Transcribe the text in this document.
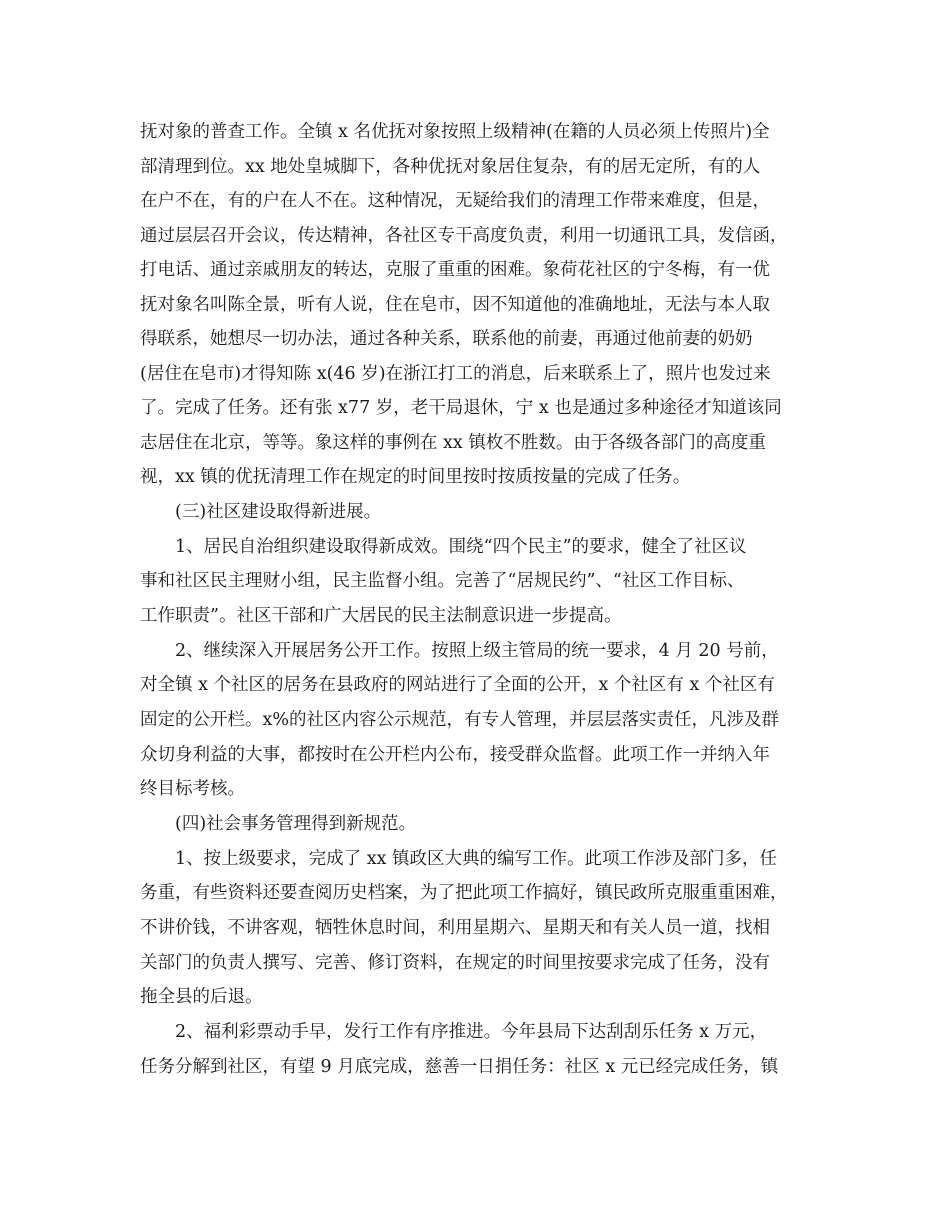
抚对象的普查工作。全镇 x 名优抚对象按照上级精神(在籍的人员必须上传照片)全
部清理到位。xx 地处皇城脚下，各种优抚对象居住复杂，有的居无定所，有的人
在户不在，有的户在人不在。这种情况，无疑给我们的清理工作带来难度，但是，
通过层层召开会议，传达精神，各社区专干高度负责，利用一切通讯工具，发信函，
打电话、通过亲戚朋友的转达，克服了重重的困难。象荷花社区的宁冬梅，有一优
抚对象名叫陈全景，听有人说，住在皂市，因不知道他的准确地址，无法与本人取
得联系，她想尽一切办法，通过各种关系，联系他的前妻，再通过他前妻的奶奶
(居住在皂市)才得知陈 x(46 岁)在浙江打工的消息，后来联系上了，照片也发过来
了。完成了任务。还有张 x77 岁，老干局退休，宁 x 也是通过多种途径才知道该同
志居住在北京，等等。象这样的事例在 xx 镇枚不胜数。由于各级各部门的高度重
视，xx 镇的优抚清理工作在规定的时间里按时按质按量的完成了任务。
(三)社区建设取得新进展。
1、居民自治组织建设取得新成效。围绕“四个民主”的要求，健全了社区议
事和社区民主理财小组，民主监督小组。完善了“居规民约”、“社区工作目标、
工作职责”。社区干部和广大居民的民主法制意识进一步提高。
2、继续深入开展居务公开工作。按照上级主管局的统一要求，4 月 20 号前，
对全镇 x 个社区的居务在县政府的网站进行了全面的公开，x 个社区有 x 个社区有
固定的公开栏。x%的社区内容公示规范，有专人管理，并层层落实责任，凡涉及群
众切身利益的大事，都按时在公开栏内公布，接受群众监督。此项工作一并纳入年
终目标考核。
(四)社会事务管理得到新规范。
1、按上级要求，完成了 xx 镇政区大典的编写工作。此项工作涉及部门多，任
务重，有些资料还要查阅历史档案，为了把此项工作搞好，镇民政所克服重重困难，
不讲价钱，不讲客观，牺牲休息时间，利用星期六、星期天和有关人员一道，找相
关部门的负责人撰写、完善、修订资料，在规定的时间里按要求完成了任务，没有
拖全县的后退。
2、福利彩票动手早，发行工作有序推进。今年县局下达刮刮乐任务 x 万元，
任务分解到社区，有望 9 月底完成，慈善一日捐任务：社区 x 元已经完成任务，镇
